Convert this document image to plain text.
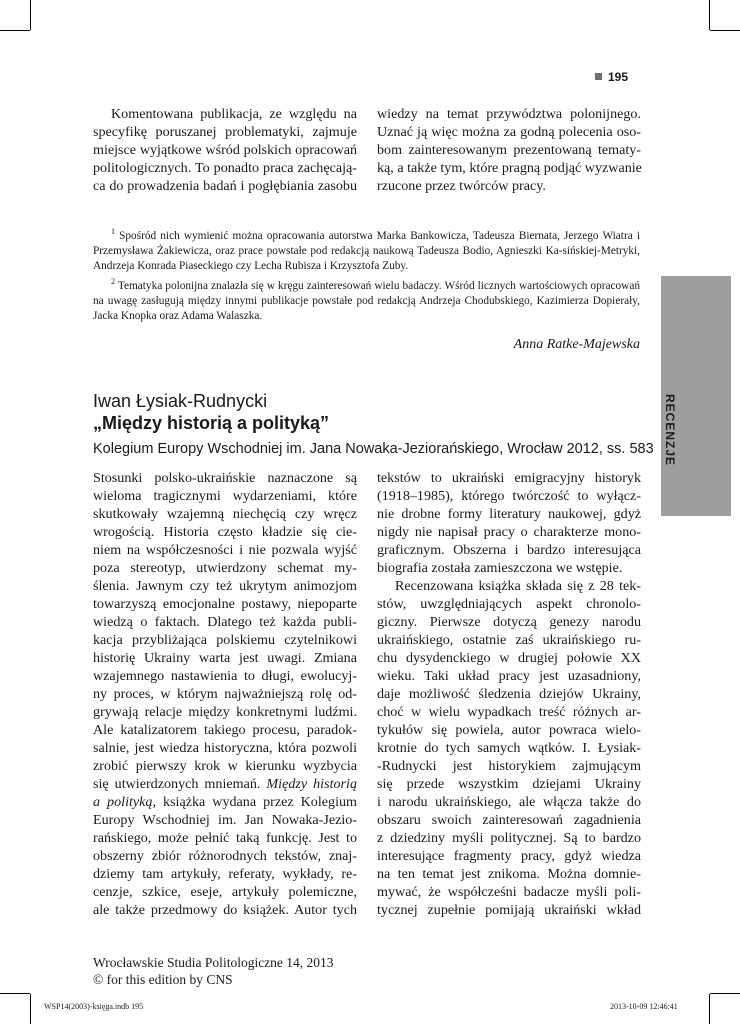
195
RECENZJE
Komentowana publikacja, ze względu na
specyfikę poruszanej problematyki, zajmuje
miejsce wyjątkowe wśród polskich opracowań
politologicznych. To ponadto praca zachęcają-
ca do prowadzenia badań i pogłębiania zasobu
wiedzy na temat przywództwa polonijnego.
Uznać ją więc można za godną polecenia oso-
bom zainteresowanym prezentowaną tematy-
ką, a także tym, które pragną podjąć wyzwanie
rzucone przez twórców pracy.

$^1$ Spośród nich wymienić można opracowania autorstwa Marka Bankowicza, Tadeusza Biernata, Jerzego Wiatra i Przemysława Żakiewicza, oraz prace powstałe pod redakcją naukową Tadeusza Bodio, Agnieszki Ka-sińskiej-Metryki, Andrzeja Konrada Piaseckiego czy Lecha Rubisza i Krzysztofa Zuby.

$^2$ Tematyka polonijna znalazła się w kręgu zainteresowań wielu badaczy. Wśród licznych wartościowych opracowań na uwagę zasługują między innymi publikacje powstałe pod redakcją Andrzeja Chodubskiego, Kazimierza Dopierały, Jacka Knopka oraz Adama Walaszka.

Anna Ratke-Majewska
Iwan Łysiak-Rudnycki
„Między historią a polityką”
Kolegium Europy Wschodniej im. Jana Nowaka-Jeziorańskiego, Wrocław 2012, ss. 583
Stosunki polsko-ukraińskie naznaczone są
wieloma tragicznymi wydarzeniami, które
skutkowały wzajemną niechęcią czy wręcz
wrogością. Historia często kładzie się cie-
niem na współczesności i nie pozwala wyjść
poza stereotyp, utwierdzony schemat my-
ślenia. Jawnym czy też ukrytym animozjom
towarzyszą emocjonalne postawy, niepoparte
wiedzą o faktach. Dlatego też każda publi-
kacja przybliżająca polskiemu czytelnikowi
historię Ukrainy warta jest uwagi. Zmiana
wzajemnego nastawienia to długi, ewolucyj-
ny proces, w którym najważniejszą rolę od-
grywają relacje między konkretnymi ludźmi.
Ale katalizatorem takiego procesu, paradok-
salnie, jest wiedza historyczna, która pozwoli
zrobić pierwszy krok w kierunku wyzbycia
się utwierdzonych mniemań. Między historią
a polityką, książka wydana przez Kolegium
Europy Wschodniej im. Jan Nowaka-Jezio-
rańskiego, może pełnić taką funkcję. Jest to
obszerny zbiór różnorodnych tekstów, znaj-
dziemy tam artykuły, referaty, wykłady, re-
cenzje, szkice, eseje, artykuły polemiczne,
ale także przedmowy do książek. Autor tych
tekstów to ukraiński emigracyjny historyk
(1918–1985), którego twórczość to wyłącz-
nie drobne formy literatury naukowej, gdyż
nigdy nie napisał pracy o charakterze mono-
graficznym. Obszerna i bardzo interesująca
biografia została zamieszczona we wstępie.
Recenzowana książka składa się z 28 tek-
stów, uwzględniających aspekt chronolo-
giczny. Pierwsze dotyczą genezy narodu
ukraińskiego, ostatnie zaś ukraińskiego ru-
chu dysydenckiego w drugiej połowie XX
wieku. Taki układ pracy jest uzasadniony,
daje możliwość śledzenia dziejów Ukrainy,
choć w wielu wypadkach treść różnych ar-
tykułów się powiela, autor powraca wielo-
krotnie do tych samych wątków. I. Łysiak-
-Rudnycki jest historykiem zajmującym
się przede wszystkim dziejami Ukrainy
i narodu ukraińskiego, ale włącza także do
obszaru swoich zainteresowań zagadnienia
z dziedziny myśli politycznej. Są to bardzo
interesujące fragmenty pracy, gdyż wiedza
na ten temat jest znikoma. Można domnie-
mywać, że współcześni badacze myśli poli-
tycznej zupełnie pomijają ukraiński wkład
Wrocławskie Studia Politologiczne 14, 2013
© for this edition by CNS
WSP14(2003)-księga.indb 195	2013-10-09 12:46:41
